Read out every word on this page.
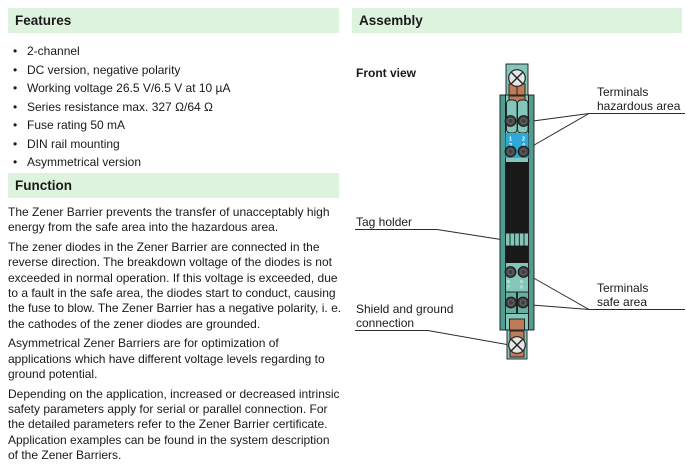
Features
• 2-channel
• DC version, negative polarity
• Working voltage 26.5 V/6.5 V at 10 µA
• Series resistance max. 327 Ω/64 Ω
• Fuse rating 50 mA
• DIN rail mounting
• Asymmetrical version
Function

The Zener Barrier prevents the transfer of unacceptably high energy from the safe area into the hazardous area.

The zener diodes in the Zener Barrier are connected in the reverse direction. The breakdown voltage of the diodes is not exceeded in normal operation. If this voltage is exceeded, due to a fault in the safe area, the diodes start to conduct, causing the fuse to blow. The Zener Barrier has a negative polarity, i. e. the cathodes of the zener diodes are grounded.

Asymmetrical Zener Barriers are for optimization of applications which have different voltage levels regarding to ground potential.

Depending on the application, increased or decreased intrinsic safety parameters apply for serial or parallel connection. For the detailed parameters refer to the Zener Barrier certificate. Application examples can be found in the system description of the Zener Barriers.

Assembly
Front view
Terminals
hazardous area
Tag holder
Shield and ground
connection
Terminals
safe area
1 2
5 6
7 8
